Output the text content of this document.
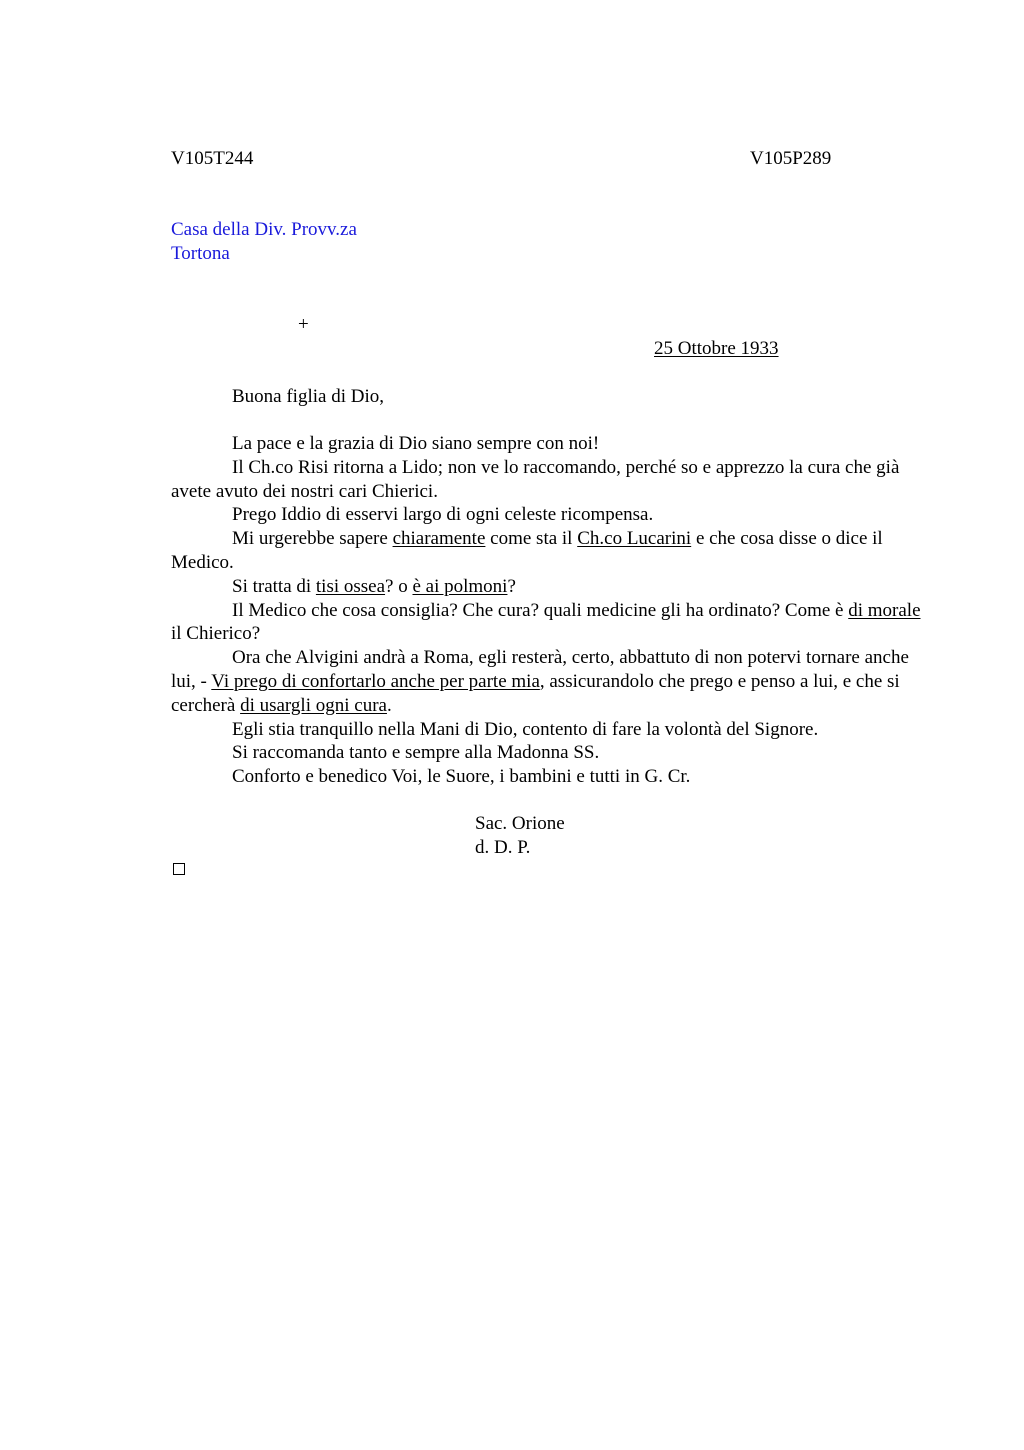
V105T244	V105P289
Casa della Div. Provv.za
Tortona
+
25 Ottobre 1933
Buona figlia di Dio,

La pace e la grazia di Dio siano sempre con noi!

Il Ch.co Risi ritorna a Lido; non ve lo raccomando, perché so e apprezzo la cura che già avete avuto dei nostri cari Chierici.

Prego Iddio di esservi largo di ogni celeste ricompensa.

Mi urgerebbe sapere chiaramente come sta il Ch.co Lucarini e che cosa disse o dice il Medico.

Si tratta di tisi ossea? o è ai polmoni?

Il Medico che cosa consiglia? Che cura? quali medicine gli ha ordinato? Come è di morale il Chierico?

Ora che Alvigini andrà a Roma, egli resterà, certo, abbattuto di non potervi tornare anche lui, - Vi prego di confortarlo anche per parte mia, assicurandolo che prego e penso a lui, e che si cercherà di usargli ogni cura.

Egli stia tranquillo nella Mani di Dio, contento di fare la volontà del Signore.

Si raccomanda tanto e sempre alla Madonna SS.

Conforto e benedico Voi, le Suore, i bambini e tutti in G. Cr.

Sac. Orione
d. D. P.
